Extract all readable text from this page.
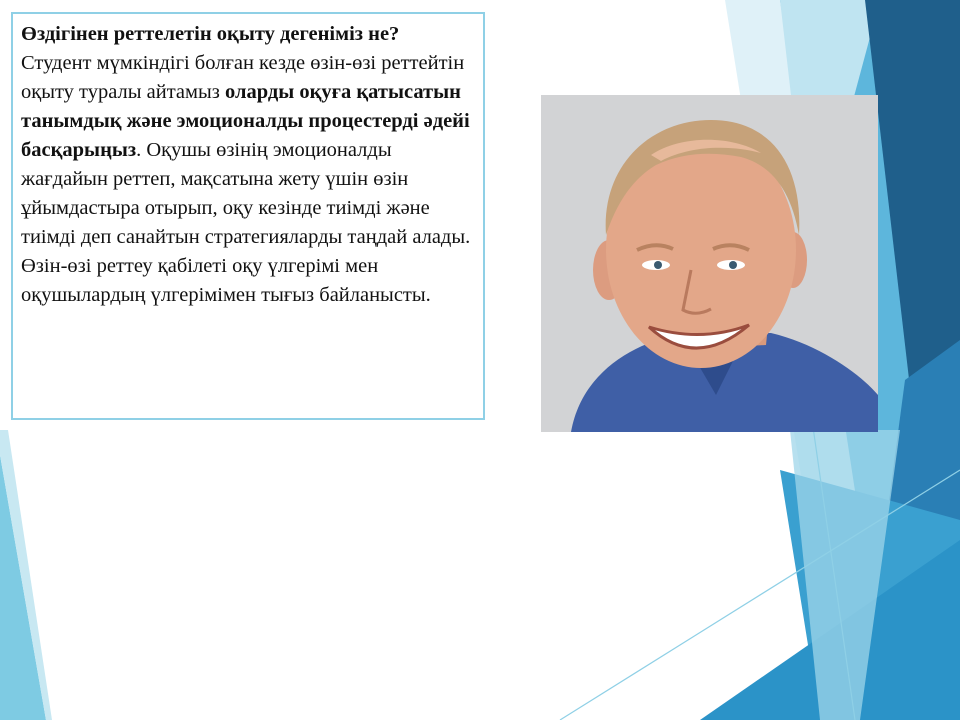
Өздігінен реттелетін оқыту дегеніміз не?
Студент мүмкіндігі болған кезде өзін-өзі реттейтін оқыту туралы айтамыз оларды оқуға қатысатын танымдық және эмоционалды процестерді әдейі басқарыңыз. Оқушы өзінің эмоционалды жағдайын реттеп, мақсатына жету үшін өзін ұйымдастыра отырып, оқу кезінде тиімді және тиімді деп санайтын стратегияларды таңдай алады. Өзін-өзі реттеу қабілеті оқу үлгерімі мен оқушылардың үлгерімімен тығыз байланысты.
